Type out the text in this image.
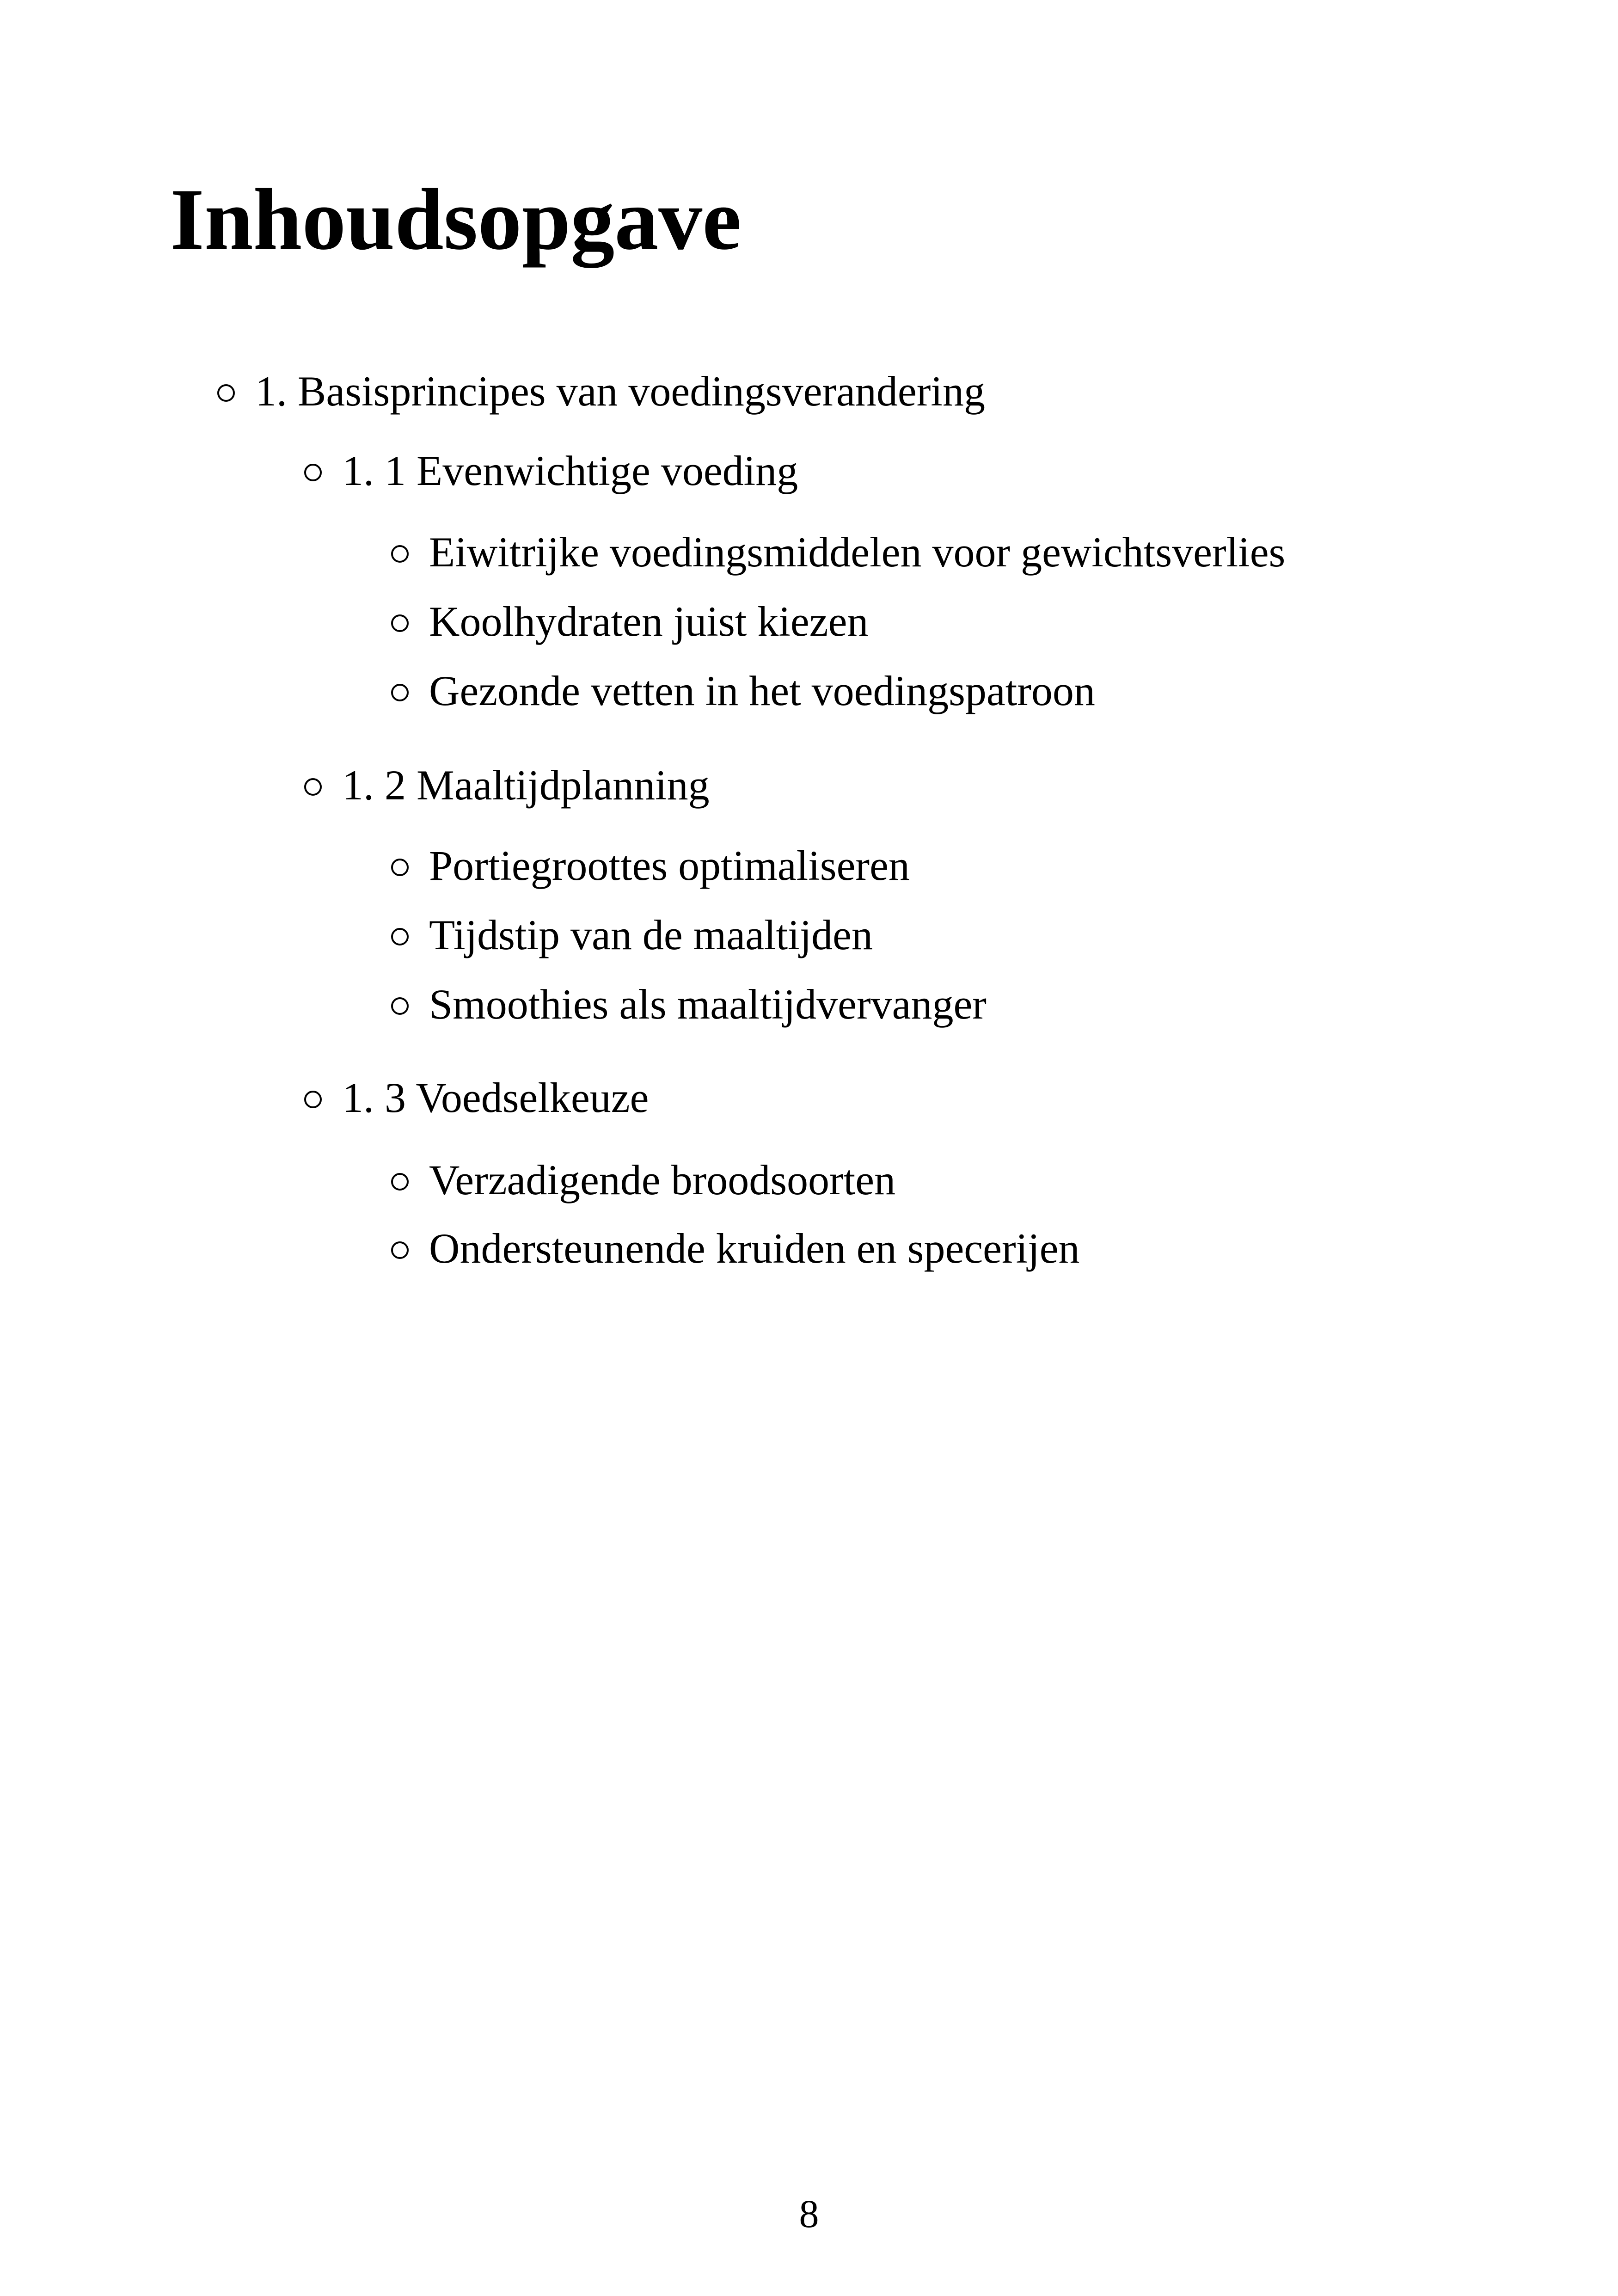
Inhoudsopgave
1. Basisprincipes van voedingsverandering
1. 1 Evenwichtige voeding
Eiwitrijke voedingsmiddelen voor gewichtsverlies
Koolhydraten juist kiezen
Gezonde vetten in het voedingspatroon
1. 2 Maaltijdplanning
Portiegroottes optimaliseren
Tijdstip van de maaltijden
Smoothies als maaltijdvervanger
1. 3 Voedselkeuze
Verzadigende broodsoorten
Ondersteunende kruiden en specerijen
8
